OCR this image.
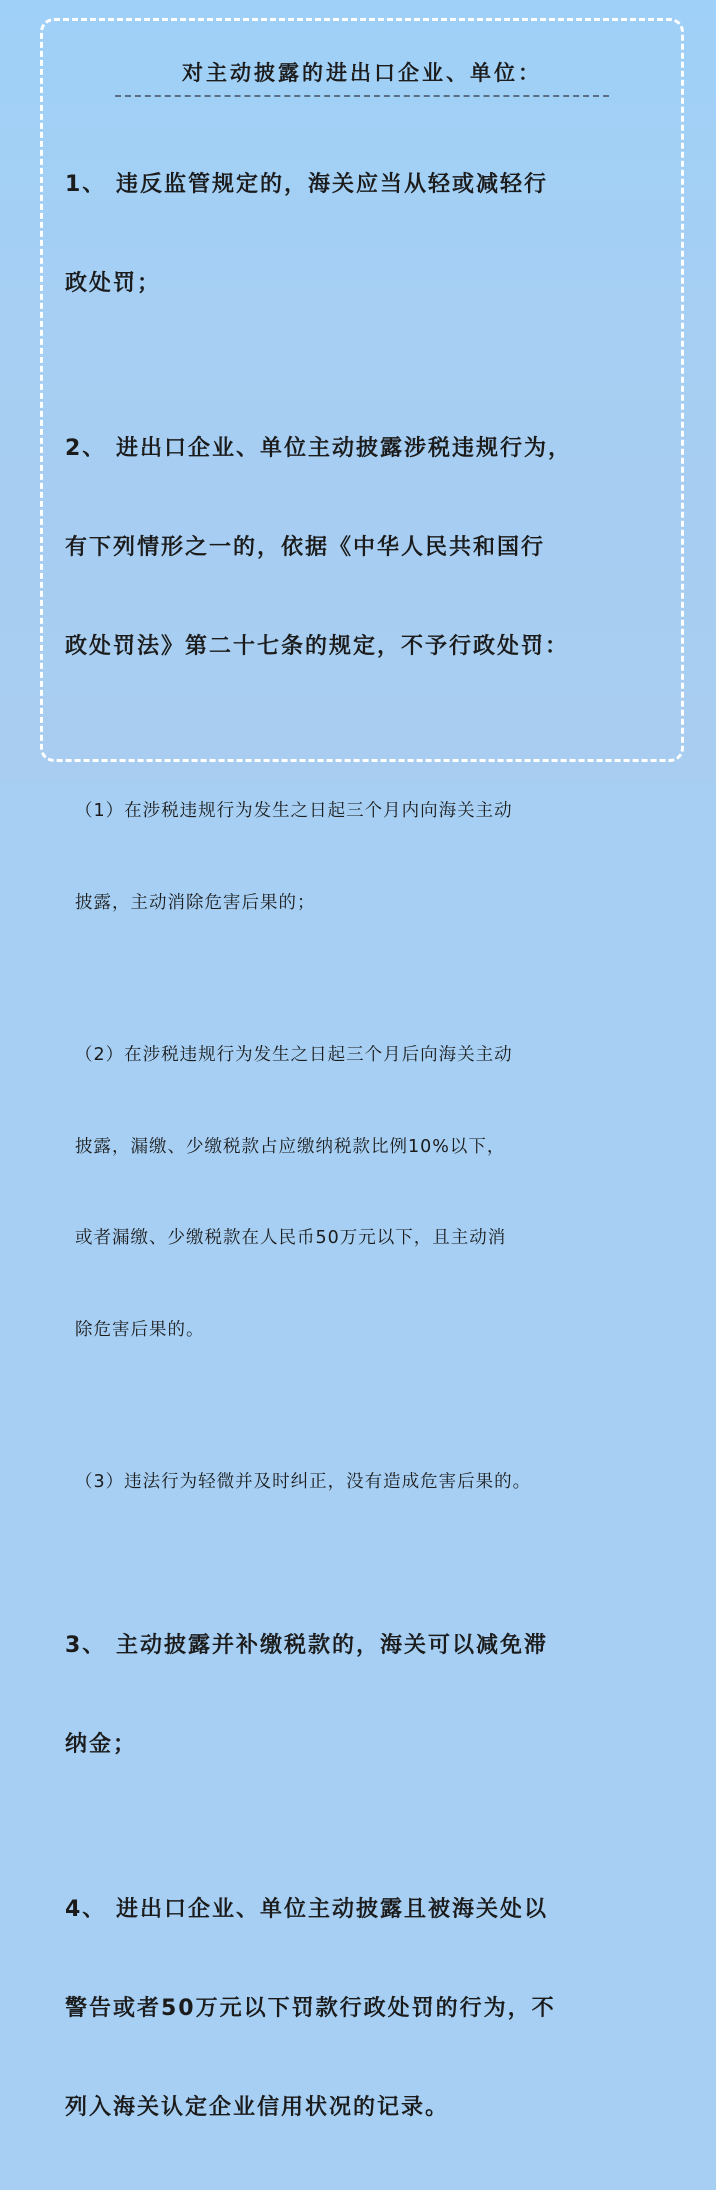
对主动披露的进出口企业、单位：

1、 违反监管规定的，海关应当从轻或减轻行

政处罚；

2、 进出口企业、单位主动披露涉税违规行为，

有下列情形之一的，依据《中华人民共和国行

政处罚法》第二十七条的规定，不予行政处罚：

（1）在涉税违规行为发生之日起三个月内向海关主动

披露，主动消除危害后果的；

（2）在涉税违规行为发生之日起三个月后向海关主动

披露，漏缴、少缴税款占应缴纳税款比例10%以下，

或者漏缴、少缴税款在人民币50万元以下，且主动消

除危害后果的。

（3）违法行为轻微并及时纠正，没有造成危害后果的。

3、 主动披露并补缴税款的，海关可以减免滞

纳金；

4、 进出口企业、单位主动披露且被海关处以

警告或者50万元以下罚款行政处罚的行为，不

列入海关认定企业信用状况的记录。
